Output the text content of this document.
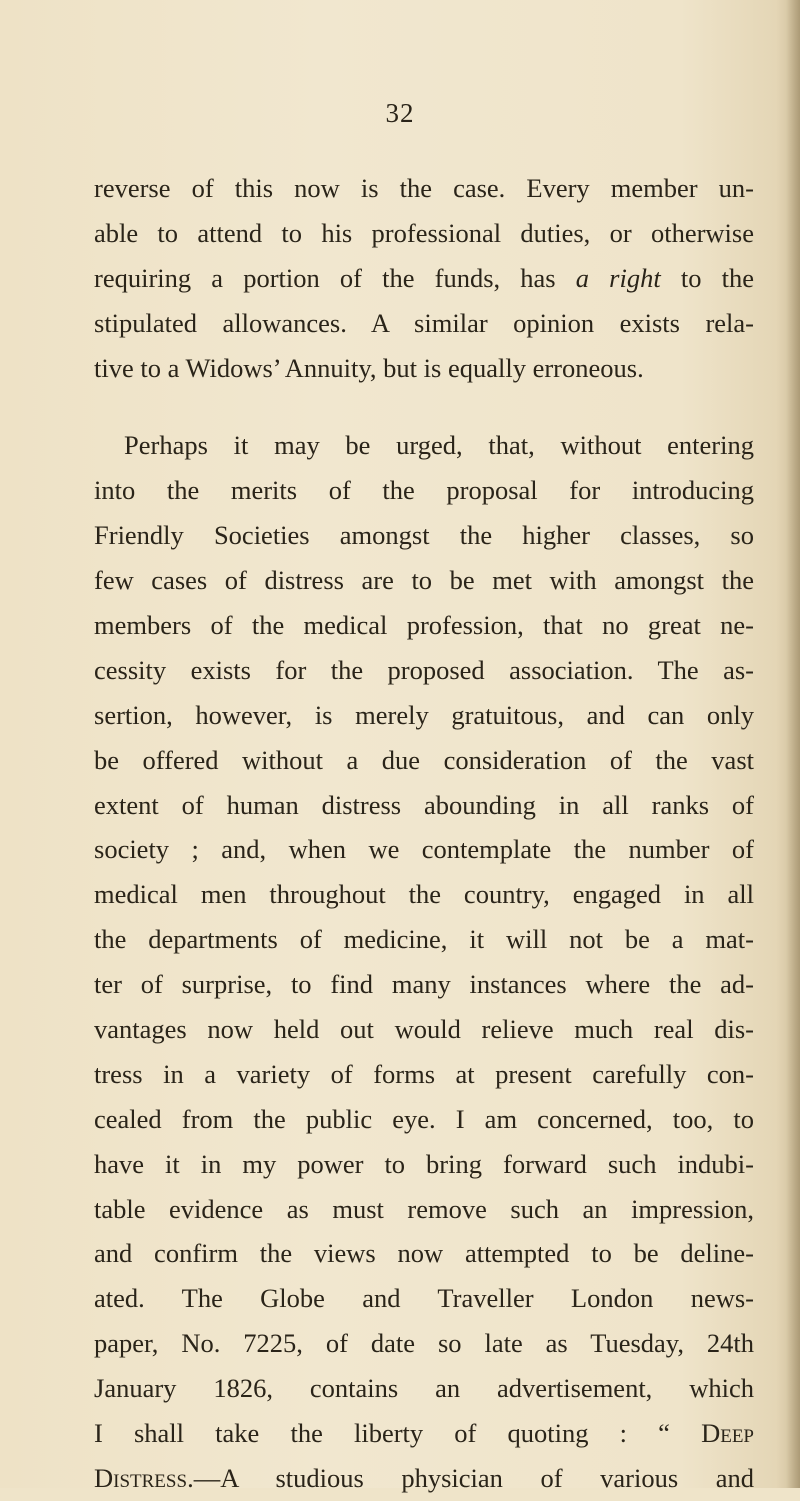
32
reverse of this now is the case. Every member un-
able to attend to his professional duties, or otherwise
requiring a portion of the funds, has a right to the
stipulated allowances. A similar opinion exists rela-
tive to a Widows’ Annuity, but is equally erroneous.
Perhaps it may be urged, that, without entering
into the merits of the proposal for introducing
Friendly Societies amongst the higher classes, so
few cases of distress are to be met with amongst the
members of the medical profession, that no great ne-
cessity exists for the proposed association. The as-
sertion, however, is merely gratuitous, and can only
be offered without a due consideration of the vast
extent of human distress abounding in all ranks of
society ; and, when we contemplate the number of
medical men throughout the country, engaged in all
the departments of medicine, it will not be a mat-
ter of surprise, to find many instances where the ad-
vantages now held out would relieve much real dis-
tress in a variety of forms at present carefully con-
cealed from the public eye. I am concerned, too, to
have it in my power to bring forward such indubi-
table evidence as must remove such an impression,
and confirm the views now attempted to be deline-
ated. The Globe and Traveller London news-
paper, No. 7225, of date so late as Tuesday, 24th
January 1826, contains an advertisement, which
I shall take the liberty of quoting : “ Deep
Distress.—A studious physician of various and
